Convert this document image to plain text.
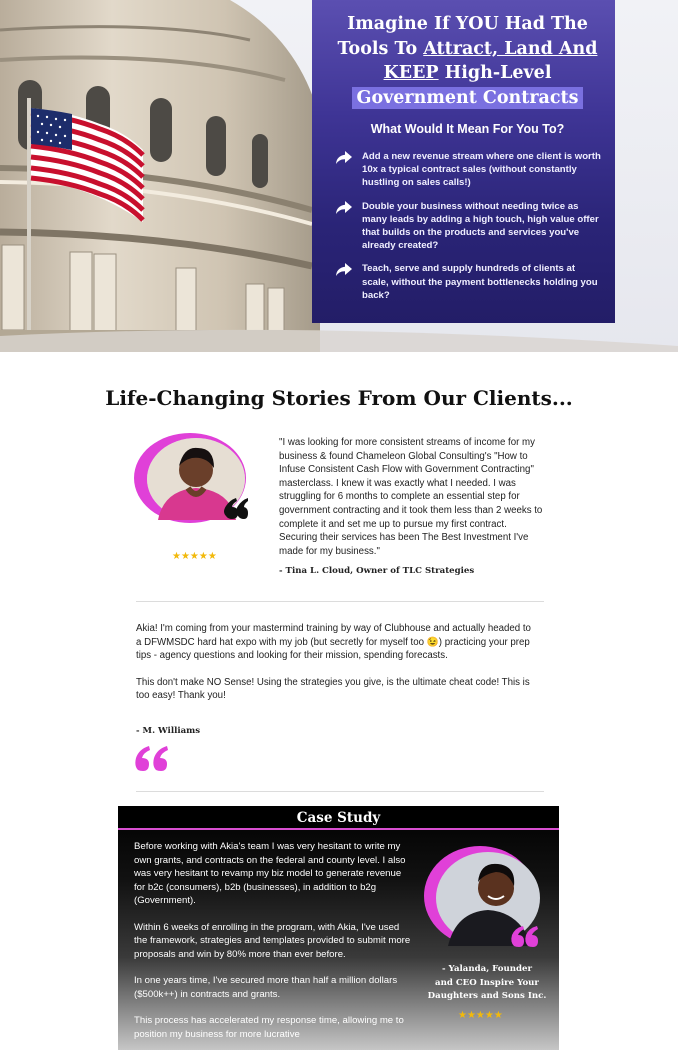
Imagine If YOU Had The
Tools To Attract, Land And
KEEP High-Level
Government Contracts
What Would It Mean For You To?
Add a new revenue stream where one client is worth 10x a typical contract sales (without constantly hustling on sales calls!)
Double your business without needing twice as many leads by adding a high touch, high value offer that builds on the products and services you've already created?
Teach, serve and supply hundreds of clients at scale, without the payment bottlenecks holding you back?
Life-Changing Stories From Our Clients...
★★★★★
"I was looking for more consistent streams of income for my business & found Chameleon Global Consulting's "How to Infuse Consistent Cash Flow with Government Contracting" masterclass. I knew it was exactly what I needed. I was struggling for 6 months to complete an essential step for government contracting and it took them less than 2 weeks to complete it and set me up to pursue my first contract. Securing their services has been The Best Investment I've made for my business."
- Tina L. Cloud, Owner of TLC Strategies

Akia! I'm coming from your mastermind training by way of Clubhouse and actually headed to a DFWMSDC hard hat expo with my job (but secretly for myself too 😉) practicing your prep tips - agency questions and looking for their mission, spending forecasts.

This don't make NO Sense! Using the strategies you give, is the ultimate cheat code! This is too easy! Thank you!

- M. Williams
Case Study

Before working with Akia's team I was very hesitant to write my own grants, and contracts on the federal and county level. I also was very hesitant to revamp my biz model to generate revenue for b2c (consumers), b2b (businesses), in addition to b2g (Government).

Within 6 weeks of enrolling in the program, with Akia, I've used the framework, strategies and templates provided to submit more proposals and win by 80% more than ever before.

In one years time, I've secured more than half a million dollars ($500k++) in contracts and grants.

This process has accelerated my response time, allowing me to position my business for more lucrative

- Yalanda, Founder
and CEO Inspire Your
Daughters and Sons Inc.
★★★★★
